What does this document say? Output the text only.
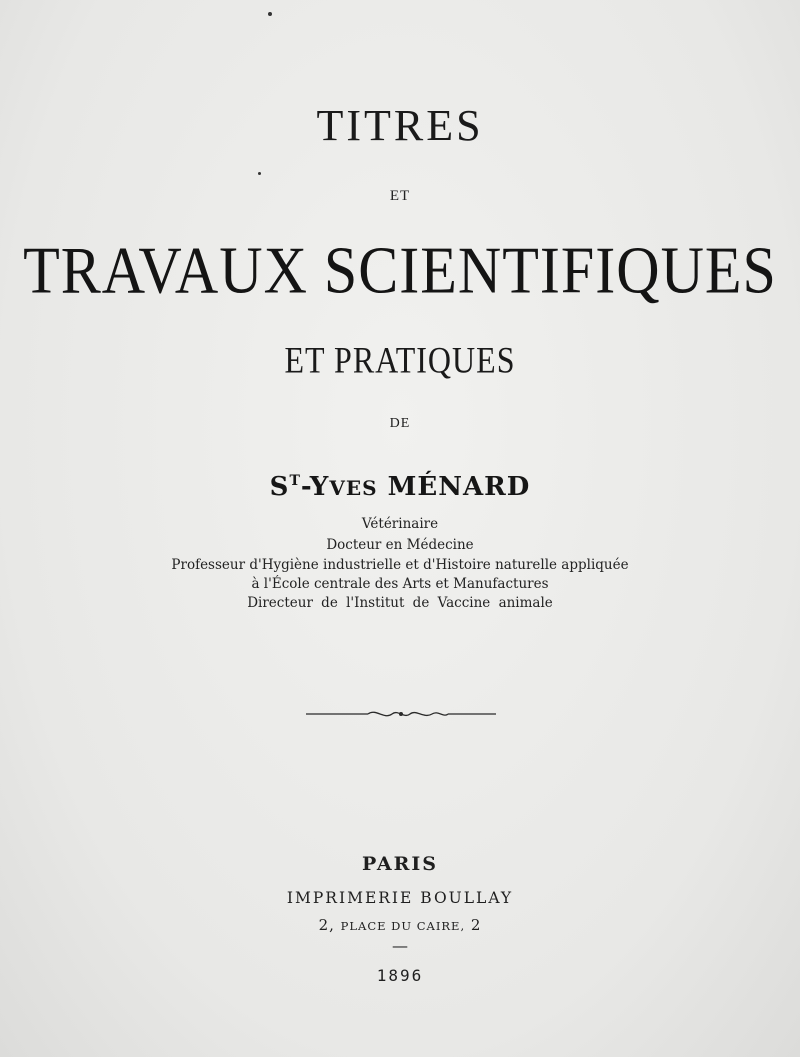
TITRES
ET
TRAVAUX SCIENTIFIQUES
ET PRATIQUES
DE
$S^T$-YVES MÉNARD
Vétérinaire
Docteur en Médecine
Professeur d'Hygiène industrielle et d'Histoire naturelle appliquée
à l'École centrale des Arts et Manufactures
Directeur de l'Institut de Vaccine animale
PARIS
IMPRIMERIE BOULLAY
2, PLACE DU CAIRE, 2
—
1896
